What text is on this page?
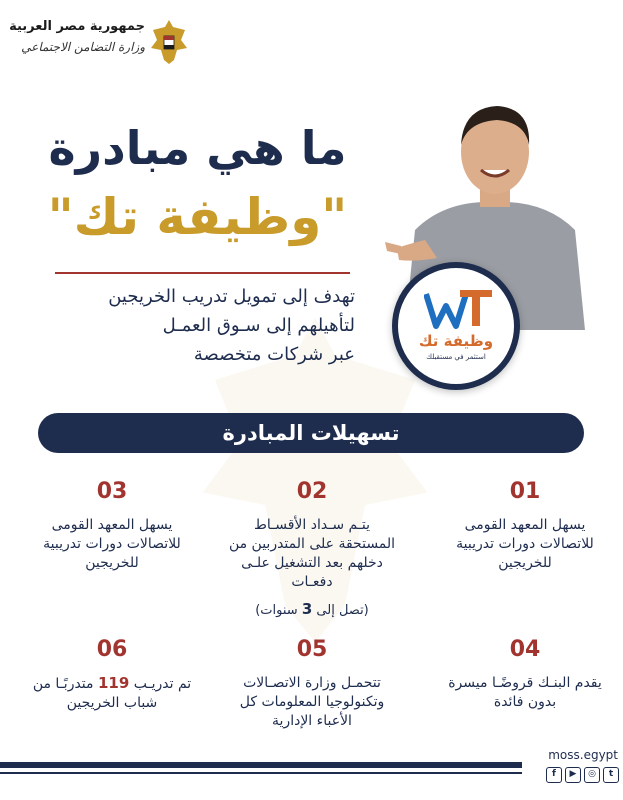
جمهورية مصر العربية
وزارة التضامن الاجتماعي
ما هي مبادرة
"وظيفة تك"
تهدف إلى تمويل تدريب الخريجين
لتأهيلهم إلى سـوق العمـل
عبر شركات متخصصة
وظيفة تك
استثمر في مستقبلك
تسهيلات المبادرة
01
يسهل المعهد القومى للاتصالات دورات تدريبية للخريجين
02
يتـم سـداد الأقسـاط المستحقة على المتدربين من دخلهم بعد التشغيل علـى دفعـات
(تصل إلى 3 سنوات)
03
يسهل المعهد القومى للاتصالات دورات تدريبية للخريجين
04
يقدم البنـك قروضًـا ميسرة بدون فائدة
05
تتحمـل وزارة الاتصـالات وتكنولوجيا المعلومات كل الأعباء الإدارية
06
تم تدريـب 119 متدربًـا من شباب الخريجين
moss.egypt
f	▶	◎	t
